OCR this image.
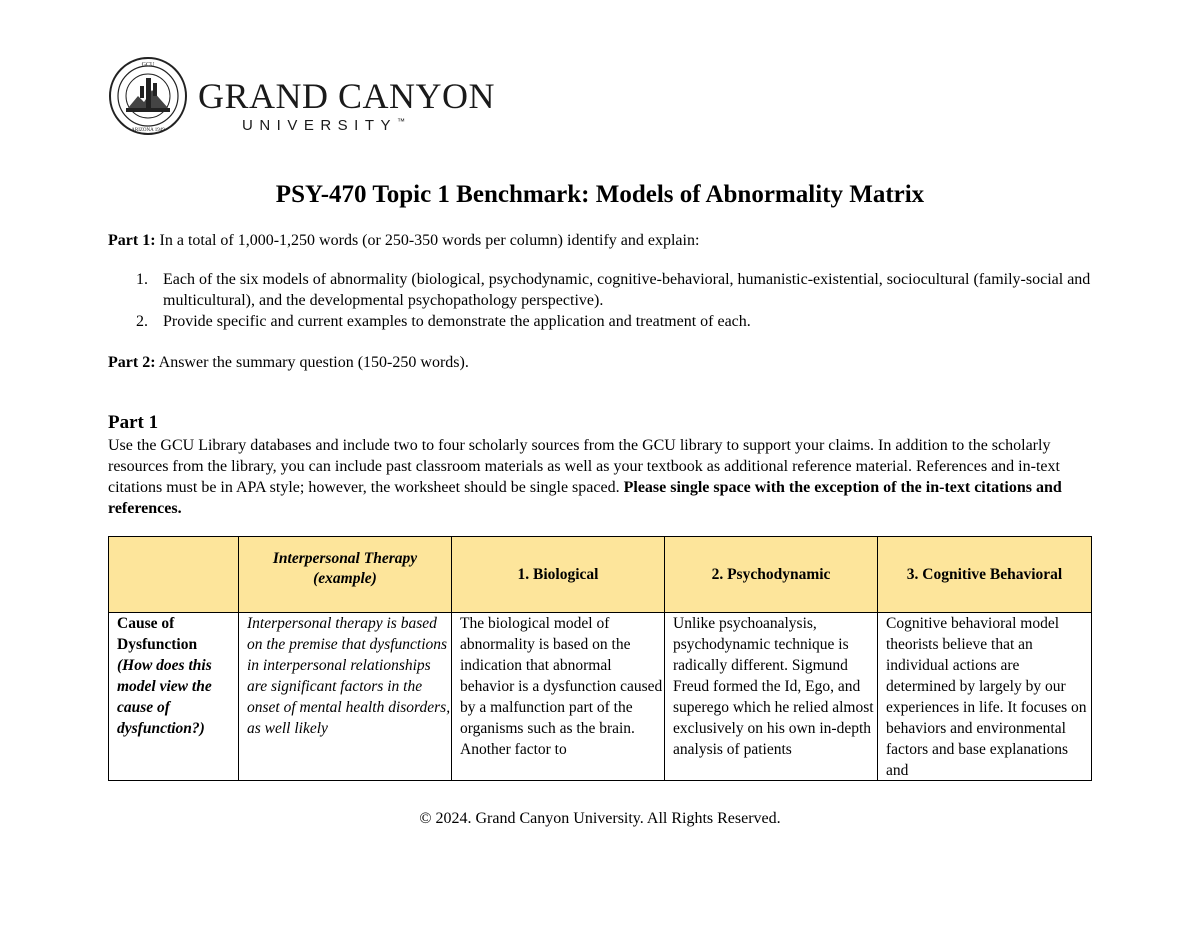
GCU
ARIZONA 1949
GRAND CANYON
UNIVERSITY™
PSY-470 Topic 1 Benchmark: Models of Abnormality Matrix
Part 1: In a total of 1,000-1,250 words (or 250-350 words per column) identify and explain:
1. Each of the six models of abnormality (biological, psychodynamic, cognitive-behavioral, humanistic-existential, sociocultural (family-social and multicultural), and the developmental psychopathology perspective).
2. Provide specific and current examples to demonstrate the application and treatment of each.
Part 2: Answer the summary question (150-250 words).
Part 1
Use the GCU Library databases and include two to four scholarly sources from the GCU library to support your claims. In addition to the scholarly resources from the library, you can include past classroom materials as well as your textbook as additional reference material. References and in-text citations must be in APA style; however, the worksheet should be single spaced. Please single space with the exception of the in-text citations and references.
	Interpersonal Therapy (example)	1. Biological	2. Psychodynamic	3. Cognitive Behavioral

Cause of Dysfunction
(How does this model view the cause of dysfunction?)	Interpersonal therapy is based on the premise that dysfunctions in interpersonal relationships are significant factors in the onset of mental health disorders, as well likely	The biological model of abnormality is based on the indication that abnormal behavior is a dysfunction caused by a malfunction part of the organisms such as the brain. Another factor to	Unlike psychoanalysis, psychodynamic technique is radically different. Sigmund Freud formed the Id, Ego, and superego which he relied almost exclusively on his own in-depth analysis of patients	Cognitive behavioral model theorists believe that an individual actions are determined by largely by our experiences in life. It focuses on behaviors and environmental factors and base explanations and
© 2024. Grand Canyon University. All Rights Reserved.
